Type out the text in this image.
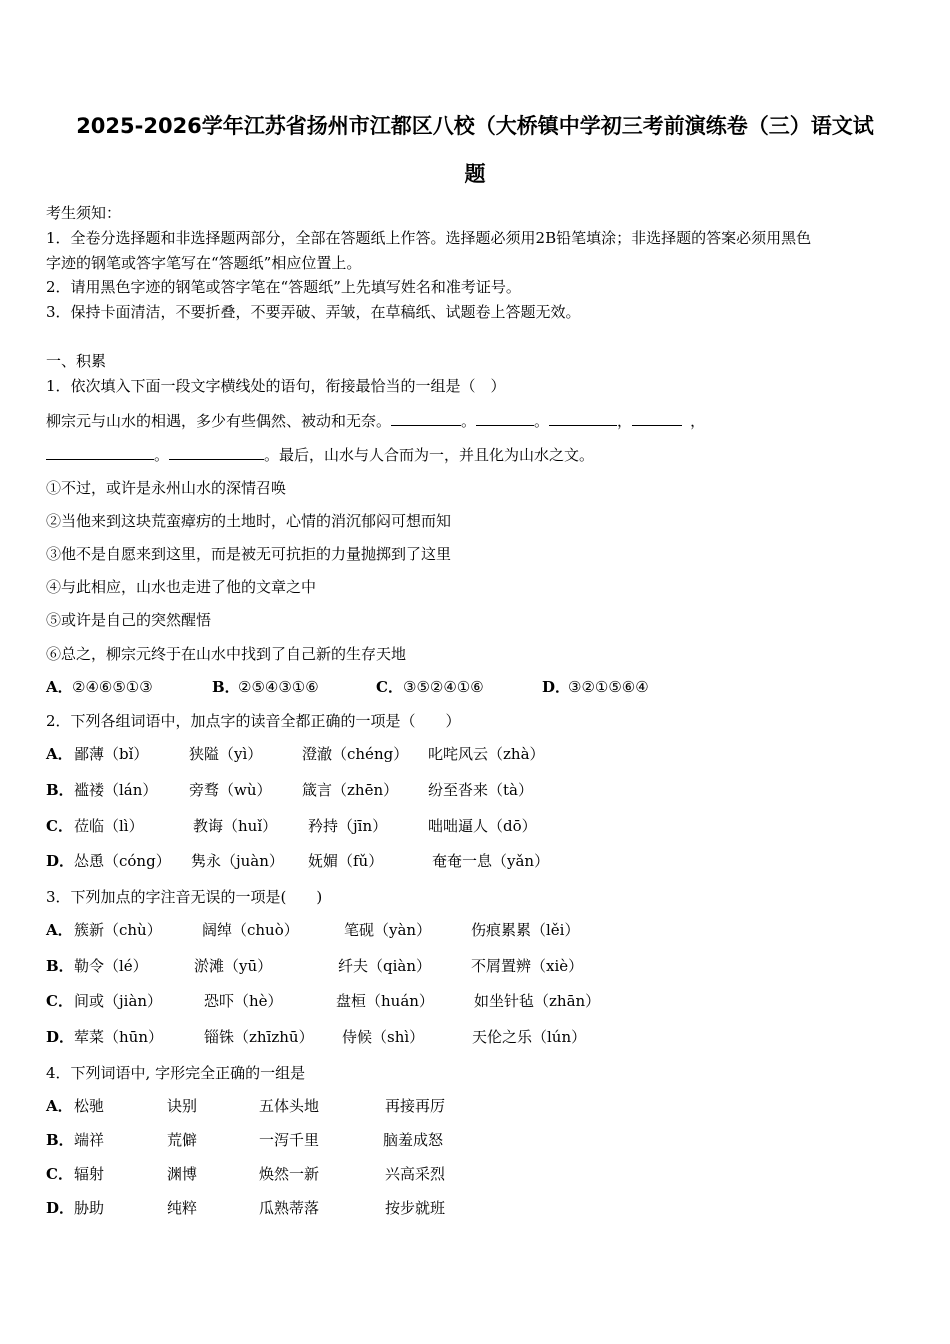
2025-2026学年江苏省扬州市江都区八校（大桥镇中学初三考前演练卷（三）语文试
题
考生须知：
1．全卷分选择题和非选择题两部分，全部在答题纸上作答。选择题必须用2B铅笔填涂；非选择题的答案必须用黑色
字迹的钢笔或答字笔写在“答题纸”相应位置上。
2．请用黑色字迹的钢笔或答字笔在“答题纸”上先填写姓名和准考证号。
3．保持卡面清洁，不要折叠，不要弄破、弄皱，在草稿纸、试题卷上答题无效。
一、积累
1．依次填入下面一段文字横线处的语句，衔接最恰当的一组是（　）
柳宗元与山水的相遇，多少有些偶然、被动和无奈。	。	。	，	，
。	。最后，山水与人合而为一，并且化为山水之文。
①不过，或许是永州山水的深情召唤
②当他来到这块荒蛮瘴疠的土地时，心情的消沉郁闷可想而知
③他不是自愿来到这里，而是被无可抗拒的力量抛掷到了这里
④与此相应，山水也走进了他的文章之中
⑤或许是自己的突然醒悟
⑥总之，柳宗元终于在山水中找到了自己新的生存天地
A． ②④⑥⑤①③	B．
②⑤④③①⑥	C． ③⑤②④①⑥	D．
③②①⑤⑥④
2．下列各组词语中，加点字的读音全都正确的一项是（　　）
A． 鄙薄（bǐ）	狭隘（yì）	澄澈（chéng） 叱咤风云（zhà）
B． 褴褛（lán） 旁骛（wù） 箴言（zhēn） 纷至沓来（tà）
C． 莅临（lì）	教诲（huǐ） 矜持（jīn）	咄咄逼人（dō）
D． 怂恿（cóng） 隽永（juàn） 妩媚（fǔ）	奄奄一息（yǎn）
3．下列加点的字注音无误的一项是(　　)
A． 簇新（chù）	阔绰（chuò）	笔砚（yàn）	伤痕累累（lěi）
B． 勒令（lé）	淤滩（yū）	纤夫（qiàn）	不屑置辨（xiè）
C． 间或（jiàn）	恐吓（hè）	盘桓（huán）	如坐针毡（zhān）
D． 荤菜（hūn）	锱铢（zhīzhū） 侍候（shì）	天伦之乐（lún）
4．下列词语中, 字形完全正确的一组是
A． 松驰	诀别	五体头地	再接再厉
B． 端祥	荒僻	一泻千里	脑羞成怒
C． 辐射	渊博	焕然一新	兴高采烈
D． 胁助	纯粹	瓜熟蒂落	按步就班
